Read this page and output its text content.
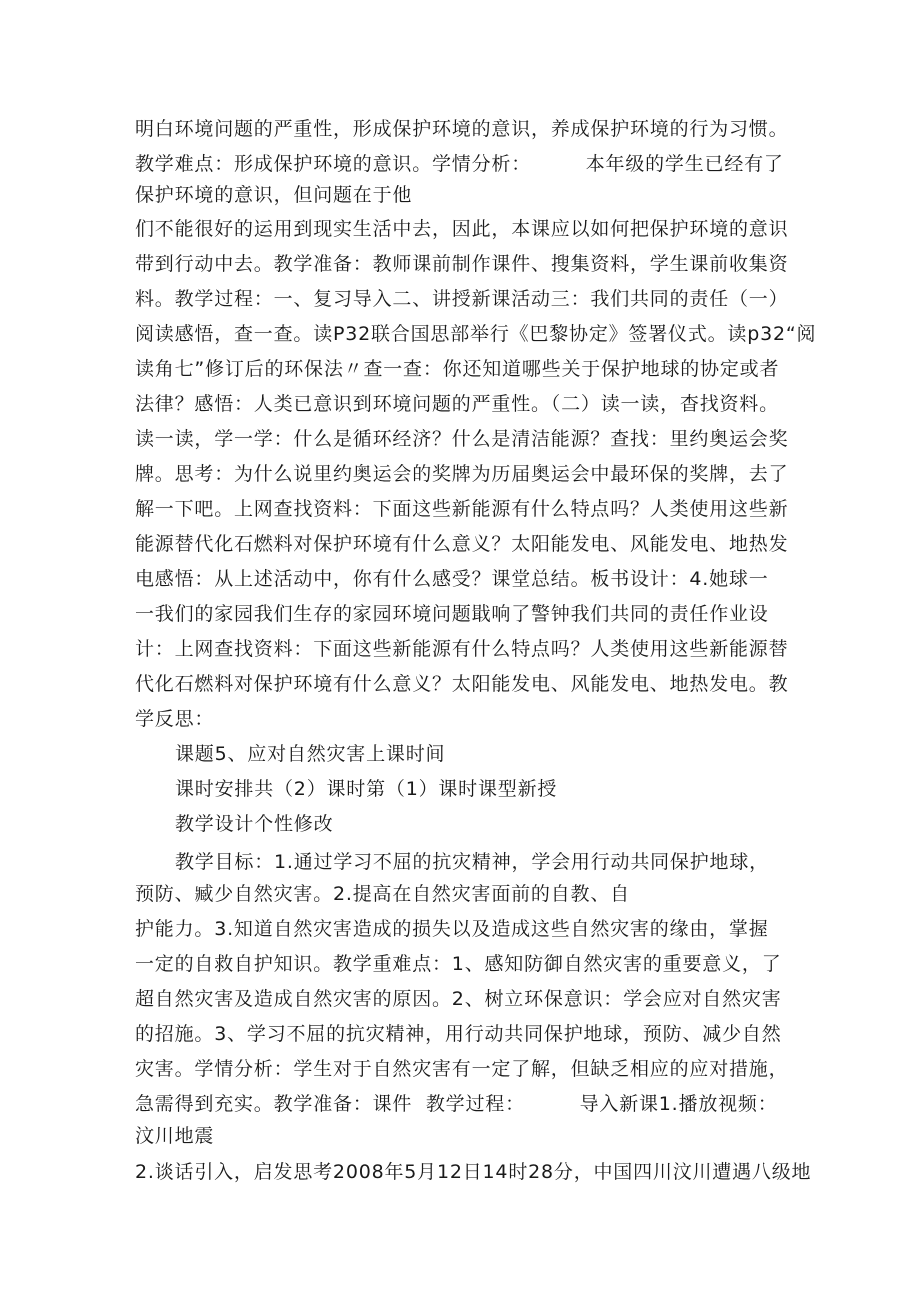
明白环境问题的严重性，形成保护环境的意识，养成保护环境的行为习惯。
教学难点：形成保护环境的意识。学情分析：        本年级的学生已经有了
保护环境的意识，但问题在于他
们不能很好的运用到现实生活中去，因此，本课应以如何把保护环境的意识
带到行动中去。教学准备：教师课前制作课件、搜集资料，学生课前收集资
料。教学过程：一、复习导入二、讲授新课活动三：我们共同的责任（一）
阅读感悟，查一查。读P32联合国思部举行《巴黎协定》签署仪式。读p32“阅
读角七”修订后的环保法〃查一查：你还知道哪些关于保护地球的协定或者
法律？感悟：人类已意识到环境问题的严重性。（二）读一读，杳找资料。
读一读，学一学：什么是循环经济？什么是清洁能源？查找：里约奥运会奖
牌。思考：为什么说里约奥运会的奖牌为历届奥运会中最环保的奖牌，去了
解一下吧。上网查找资料：下面这些新能源有什么特点吗？人类使用这些新
能源替代化石燃料对保护环境有什么意义？太阳能发电、风能发电、地热发
电感悟：从上述活动中，你有什么感受？课堂总结。板书设计：4.她球一
一我们的家园我们生存的家园环境问题戢响了警钟我们共同的责任作业设
计：上网查找资料：下面这些新能源有什么特点吗？人类使用这些新能源替
代化石燃料对保护环境有什么意义？太阳能发电、风能发电、地热发电。教
学反思：
课题5、应对自然灾害上课时间
课时安排共（2）课时第（1）课时课型新授
教学设计个性修改
教学目标：1.通过学习不屈的抗灾精神，学会用行动共同保护地球，
预防、臧少自然灾害。2.提高在自然灾害面前的自教、自
护能力。3.知道自然灾害造成的损失以及造成这些自然灾害的缘由，掌握
一定的自救自护知识。教学重难点：1、感知防御自然灾害的重要意义，了
超自然灾害及造成自然灾害的原因。2、树立环保意识：学会应对自然灾害
的招施。3、学习不屈的抗灾精神，用行动共同保护地球，预防、减少自然
灾害。学情分析：学生对于自然灾害有一定了解，但缺乏相应的应对措施，
急需得到充实。教学准备：课件  教学过程：        导入新课1.播放视频：
汶川地震
2.谈话引入，启发思考2008年5月12日14时28分，中国四川汶川遭遇八级地
